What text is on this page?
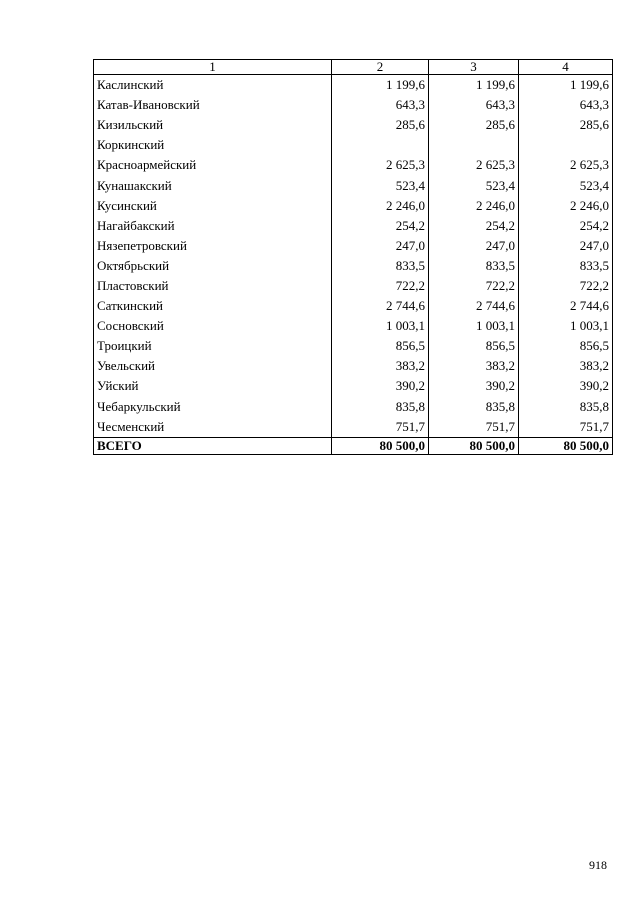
1	2	3	4
Каслинский	1 199,6	1 199,6	1 199,6
Катав-Ивановский	643,3	643,3	643,3
Кизильский	285,6	285,6	285,6
Коркинский			
Красноармейский	2 625,3	2 625,3	2 625,3
Кунашакский	523,4	523,4	523,4
Кусинский	2 246,0	2 246,0	2 246,0
Нагайбакский	254,2	254,2	254,2
Нязепетровский	247,0	247,0	247,0
Октябрьский	833,5	833,5	833,5
Пластовский	722,2	722,2	722,2
Саткинский	2 744,6	2 744,6	2 744,6
Сосновский	1 003,1	1 003,1	1 003,1
Троицкий	856,5	856,5	856,5
Увельский	383,2	383,2	383,2
Уйский	390,2	390,2	390,2
Чебаркульский	835,8	835,8	835,8
Чесменский	751,7	751,7	751,7
ВСЕГО	80 500,0	80 500,0	80 500,0
918
